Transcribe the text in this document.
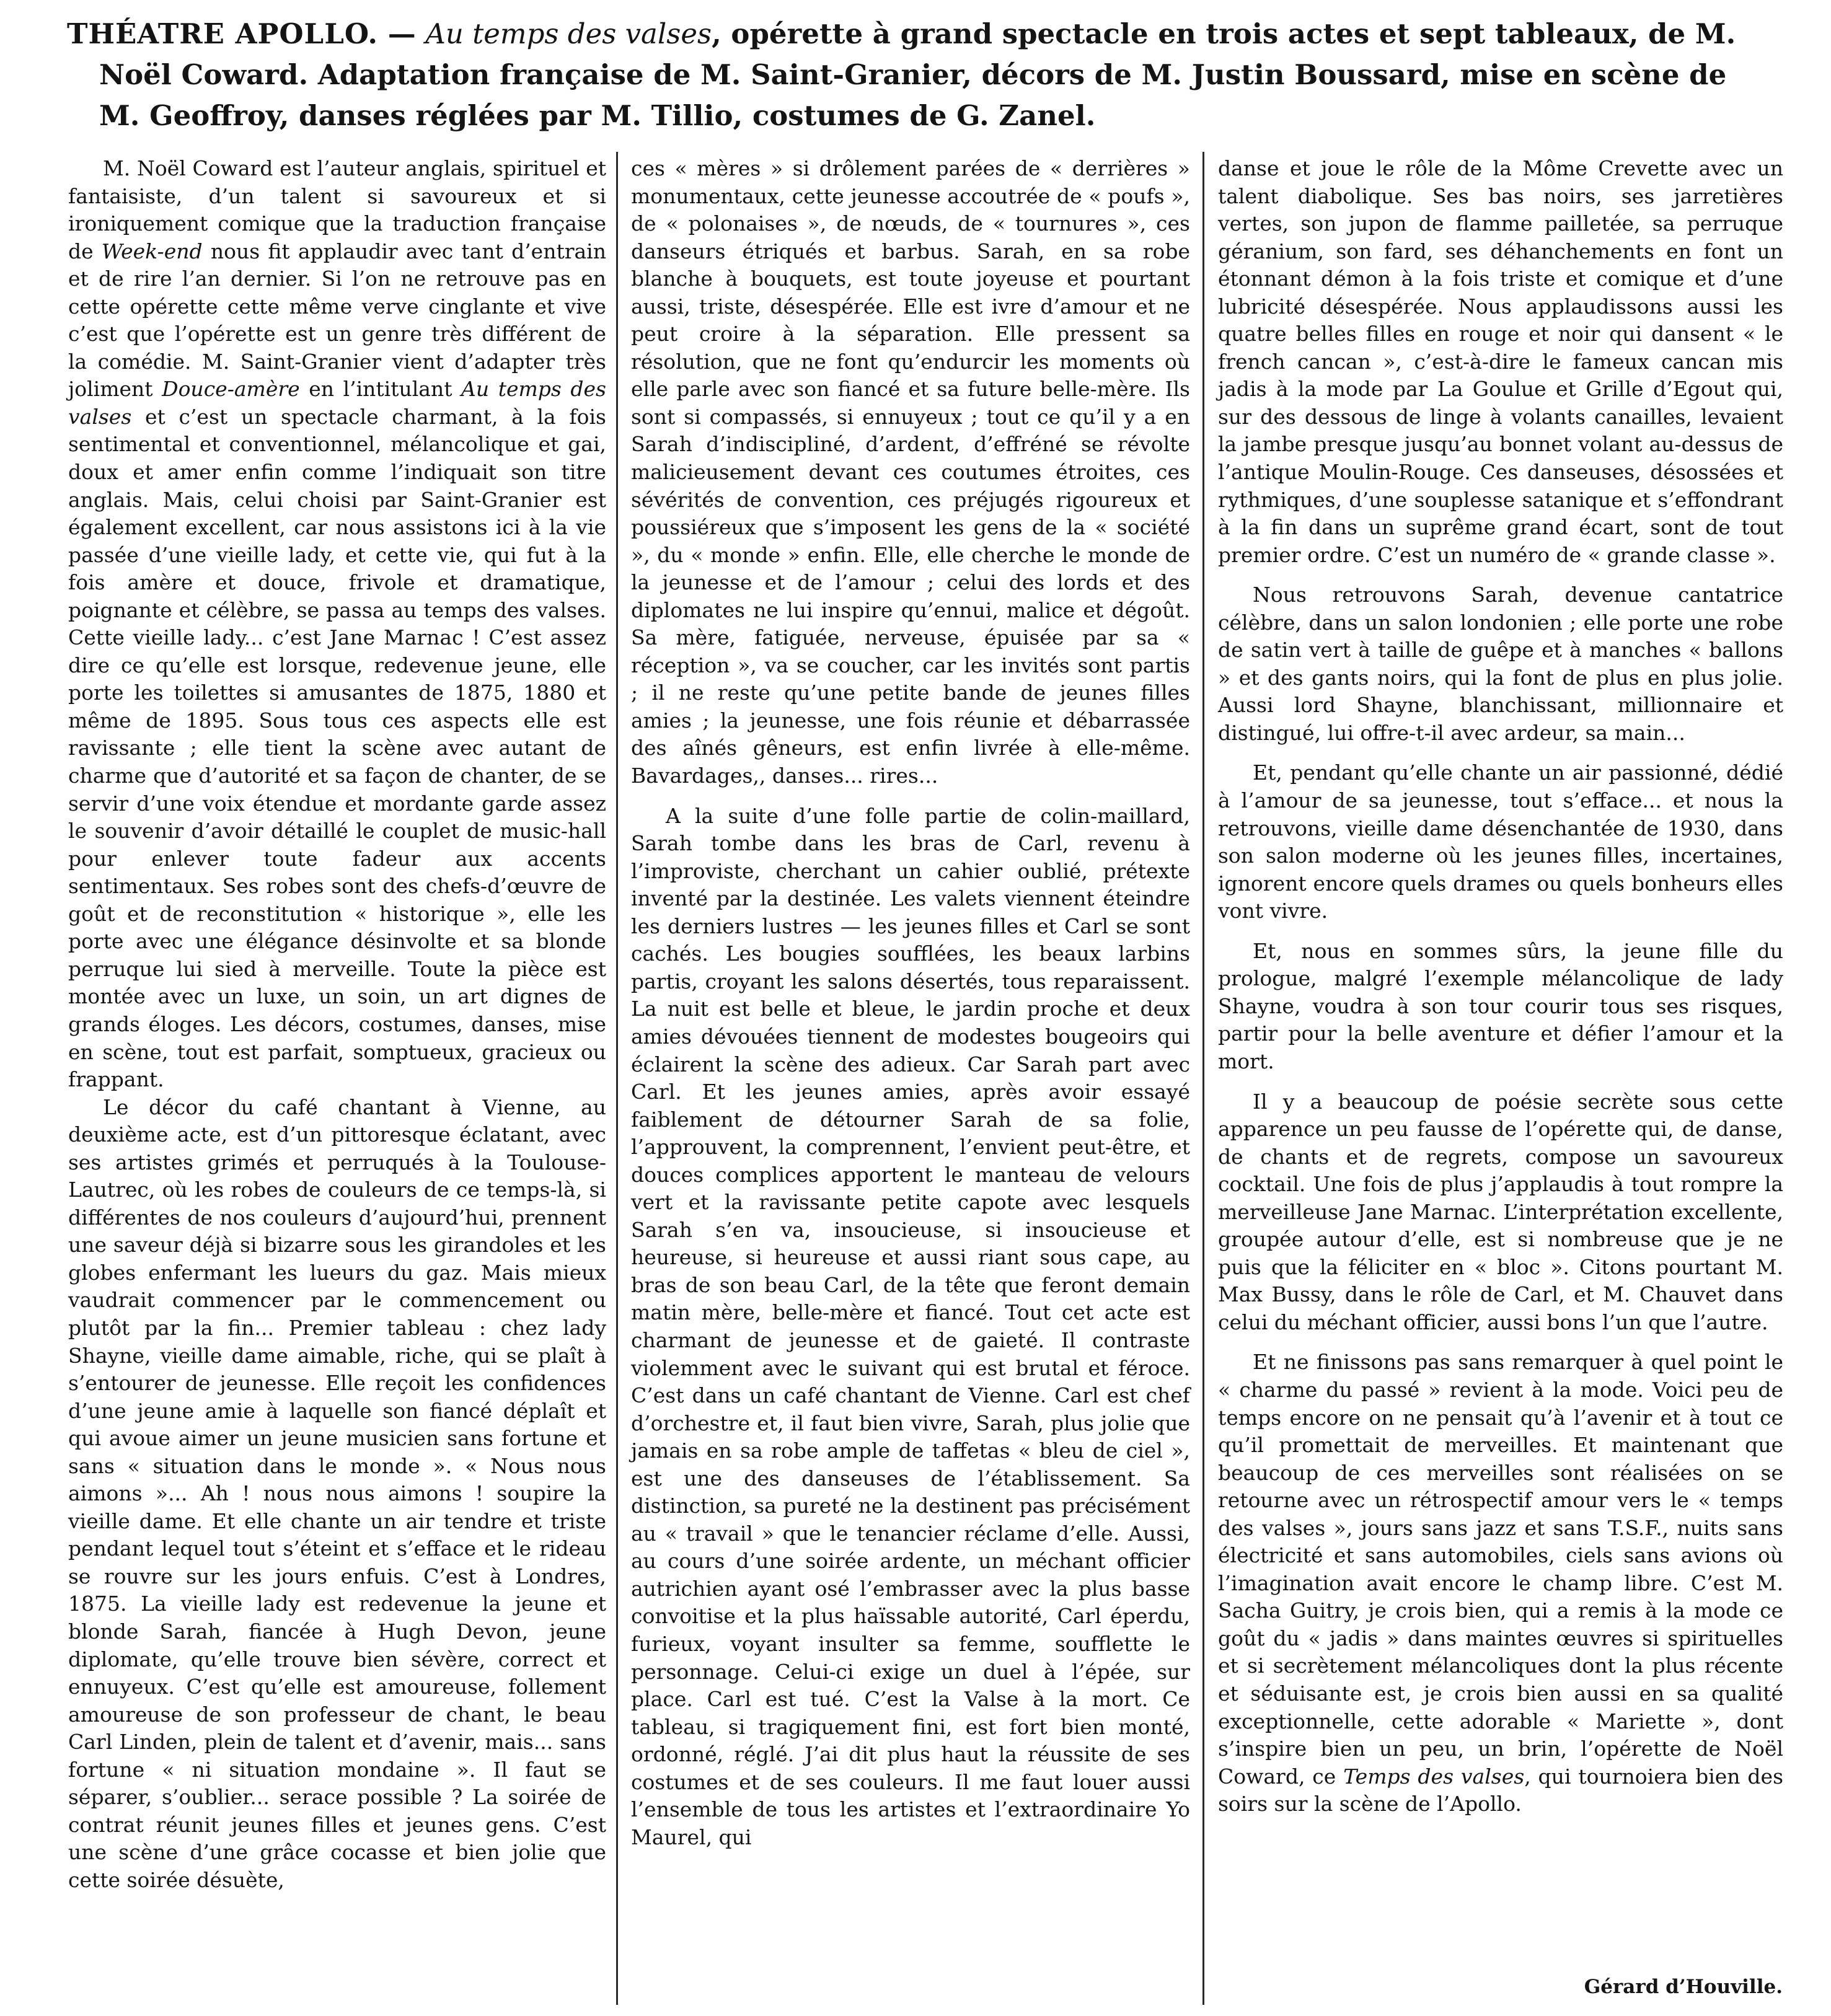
THÉATRE APOLLO. — Au temps des valses, opérette à grand spectacle en trois actes et sept tableaux, de M. Noël Coward. Adaptation française de M. Saint-Granier, décors de M. Justin Boussard, mise en scène de M. Geoffroy, danses réglées par M. Tillio, costumes de G. Zanel.

M. Noël Coward est l’auteur anglais, spirituel et fantaisiste, d’un talent si savoureux et si ironiquement comique que la traduction française de Week-end nous fit applaudir avec tant d’entrain et de rire l’an dernier. Si l’on ne retrouve pas en cette opérette cette même verve cinglante et vive c’est que l’opérette est un genre très différent de la comédie. M. Saint-Granier vient d’adapter très joliment Douce-amère en l’intitulant Au temps des valses et c’est un spectacle charmant, à la fois sentimental et conventionnel, mélancolique et gai, doux et amer enfin comme l’indiquait son titre anglais. Mais, celui choisi par Saint-Granier est également excellent, car nous assistons ici à la vie passée d’une vieille lady, et cette vie, qui fut à la fois amère et douce, frivole et dramatique, poignante et célèbre, se passa au temps des valses. Cette vieille lady... c’est Jane Marnac ! C’est assez dire ce qu’elle est lorsque, redevenue jeune, elle porte les toilettes si amusantes de 1875, 1880 et même de 1895. Sous tous ces aspects elle est ravissante ; elle tient la scène avec autant de charme que d’autorité et sa façon de chanter, de se servir d’une voix étendue et mordante garde assez le souvenir d’avoir détaillé le couplet de music-hall pour enlever toute fadeur aux accents sentimentaux. Ses robes sont des chefs-d’œuvre de goût et de reconstitution « historique », elle les porte avec une élégance désinvolte et sa blonde perruque lui sied à merveille. Toute la pièce est montée avec un luxe, un soin, un art dignes de grands éloges. Les décors, costumes, danses, mise en scène, tout est parfait, somptueux, gracieux ou frappant.

Le décor du café chantant à Vienne, au deuxième acte, est d’un pittoresque éclatant, avec ses artistes grimés et perruqués à la Toulouse-Lautrec, où les robes de couleurs de ce temps-là, si différentes de nos couleurs d’aujourd’hui, prennent une saveur déjà si bizarre sous les girandoles et les globes enfermant les lueurs du gaz. Mais mieux vaudrait commencer par le commencement ou plutôt par la fin... Premier tableau : chez lady Shayne, vieille dame aimable, riche, qui se plaît à s’entourer de jeunesse. Elle reçoit les confidences d’une jeune amie à laquelle son fiancé déplaît et qui avoue aimer un jeune musicien sans fortune et sans « situation dans le monde ». « Nous nous aimons »... Ah ! nous nous aimons ! soupire la vieille dame. Et elle chante un air tendre et triste pendant lequel tout s’éteint et s’efface et le rideau se rouvre sur les jours enfuis. C’est à Londres, 1875. La vieille lady est redevenue la jeune et blonde Sarah, fiancée à Hugh Devon, jeune diplomate, qu’elle trouve bien sévère, correct et ennuyeux. C’est qu’elle est amoureuse, follement amoureuse de son professeur de chant, le beau Carl Linden, plein de talent et d’avenir, mais... sans fortune « ni situation mondaine ». Il faut se séparer, s’oublier... serace possible ? La soirée de contrat réunit jeunes filles et jeunes gens. C’est une scène d’une grâce cocasse et bien jolie que cette soirée désuète,

ces « mères » si drôlement parées de « derrières » monumentaux, cette jeunesse accoutrée de « poufs », de « polonaises », de nœuds, de « tournures », ces danseurs étriqués et barbus. Sarah, en sa robe blanche à bouquets, est toute joyeuse et pourtant aussi, triste, désespérée. Elle est ivre d’amour et ne peut croire à la séparation. Elle pressent sa résolution, que ne font qu’endurcir les moments où elle parle avec son fiancé et sa future belle-mère. Ils sont si compassés, si ennuyeux ; tout ce qu’il y a en Sarah d’indiscipliné, d’ardent, d’effréné se révolte malicieusement devant ces coutumes étroites, ces sévérités de convention, ces préjugés rigoureux et poussiéreux que s’imposent les gens de la « société », du « monde » enfin. Elle, elle cherche le monde de la jeunesse et de l’amour ; celui des lords et des diplomates ne lui inspire qu’ennui, malice et dégoût. Sa mère, fatiguée, nerveuse, épuisée par sa « réception », va se coucher, car les invités sont partis ; il ne reste qu’une petite bande de jeunes filles amies ; la jeunesse, une fois réunie et débarrassée des aînés gêneurs, est enfin livrée à elle-même. Bavardages,, danses... rires...

A la suite d’une folle partie de colin-maillard, Sarah tombe dans les bras de Carl, revenu à l’improviste, cherchant un cahier oublié, prétexte inventé par la destinée. Les valets viennent éteindre les derniers lustres — les jeunes filles et Carl se sont cachés. Les bougies soufflées, les beaux larbins partis, croyant les salons désertés, tous reparaissent. La nuit est belle et bleue, le jardin proche et deux amies dévouées tiennent de modestes bougeoirs qui éclairent la scène des adieux. Car Sarah part avec Carl. Et les jeunes amies, après avoir essayé faiblement de détourner Sarah de sa folie, l’approuvent, la comprennent, l’envient peut-être, et douces complices apportent le manteau de velours vert et la ravissante petite capote avec lesquels Sarah s’en va, insoucieuse, si insoucieuse et heureuse, si heureuse et aussi riant sous cape, au bras de son beau Carl, de la tête que feront demain matin mère, belle-mère et fiancé. Tout cet acte est charmant de jeunesse et de gaieté. Il contraste violemment avec le suivant qui est brutal et féroce. C’est dans un café chantant de Vienne. Carl est chef d’orchestre et, il faut bien vivre, Sarah, plus jolie que jamais en sa robe ample de taffetas « bleu de ciel », est une des danseuses de l’établissement. Sa distinction, sa pureté ne la destinent pas précisément au « travail » que le tenancier réclame d’elle. Aussi, au cours d’une soirée ardente, un méchant officier autrichien ayant osé l’embrasser avec la plus basse convoitise et la plus haïssable autorité, Carl éperdu, furieux, voyant insulter sa femme, soufflette le personnage. Celui-ci exige un duel à l’épée, sur place. Carl est tué. C’est la Valse à la mort. Ce tableau, si tragiquement fini, est fort bien monté, ordonné, réglé. J’ai dit plus haut la réussite de ses costumes et de ses couleurs. Il me faut louer aussi l’ensemble de tous les artistes et l’extraordinaire Yo Maurel, qui

danse et joue le rôle de la Môme Crevette avec un talent diabolique. Ses bas noirs, ses jarretières vertes, son jupon de flamme pailletée, sa perruque géranium, son fard, ses déhanchements en font un étonnant démon à la fois triste et comique et d’une lubricité désespérée. Nous applaudissons aussi les quatre belles filles en rouge et noir qui dansent « le french cancan », c’est-à-dire le fameux cancan mis jadis à la mode par La Goulue et Grille d’Egout qui, sur des dessous de linge à volants canailles, levaient la jambe presque jusqu’au bonnet volant au-dessus de l’antique Moulin-Rouge. Ces danseuses, désossées et rythmiques, d’une souplesse satanique et s’effondrant à la fin dans un suprême grand écart, sont de tout premier ordre. C’est un numéro de « grande classe ».

Nous retrouvons Sarah, devenue cantatrice célèbre, dans un salon londonien ; elle porte une robe de satin vert à taille de guêpe et à manches « ballons » et des gants noirs, qui la font de plus en plus jolie. Aussi lord Shayne, blanchissant, millionnaire et distingué, lui offre-t-il avec ardeur, sa main...

Et, pendant qu’elle chante un air passionné, dédié à l’amour de sa jeunesse, tout s’efface... et nous la retrouvons, vieille dame désenchantée de 1930, dans son salon moderne où les jeunes filles, incertaines, ignorent encore quels drames ou quels bonheurs elles vont vivre.

Et, nous en sommes sûrs, la jeune fille du prologue, malgré l’exemple mélancolique de lady Shayne, voudra à son tour courir tous ses risques, partir pour la belle aventure et défier l’amour et la mort.

Il y a beaucoup de poésie secrète sous cette apparence un peu fausse de l’opérette qui, de danse, de chants et de regrets, compose un savoureux cocktail. Une fois de plus j’applaudis à tout rompre la merveilleuse Jane Marnac. L’interprétation excellente, groupée autour d’elle, est si nombreuse que je ne puis que la féliciter en « bloc ». Citons pourtant M. Max Bussy, dans le rôle de Carl, et M. Chauvet dans celui du méchant officier, aussi bons l’un que l’autre.

Et ne finissons pas sans remarquer à quel point le « charme du passé » revient à la mode. Voici peu de temps encore on ne pensait qu’à l’avenir et à tout ce qu’il promettait de merveilles. Et maintenant que beaucoup de ces merveilles sont réalisées on se retourne avec un rétrospectif amour vers le « temps des valses », jours sans jazz et sans T.S.F., nuits sans électricité et sans automobiles, ciels sans avions où l’imagination avait encore le champ libre. C’est M. Sacha Guitry, je crois bien, qui a remis à la mode ce goût du « jadis » dans maintes œuvres si spirituelles et si secrètement mélancoliques dont la plus récente et séduisante est, je crois bien aussi en sa qualité exceptionnelle, cette adorable « Mariette », dont s’inspire bien un peu, un brin, l’opérette de Noël Coward, ce Temps des valses, qui tournoiera bien des soirs sur la scène de l’Apollo.

Gérard d’Houville.
